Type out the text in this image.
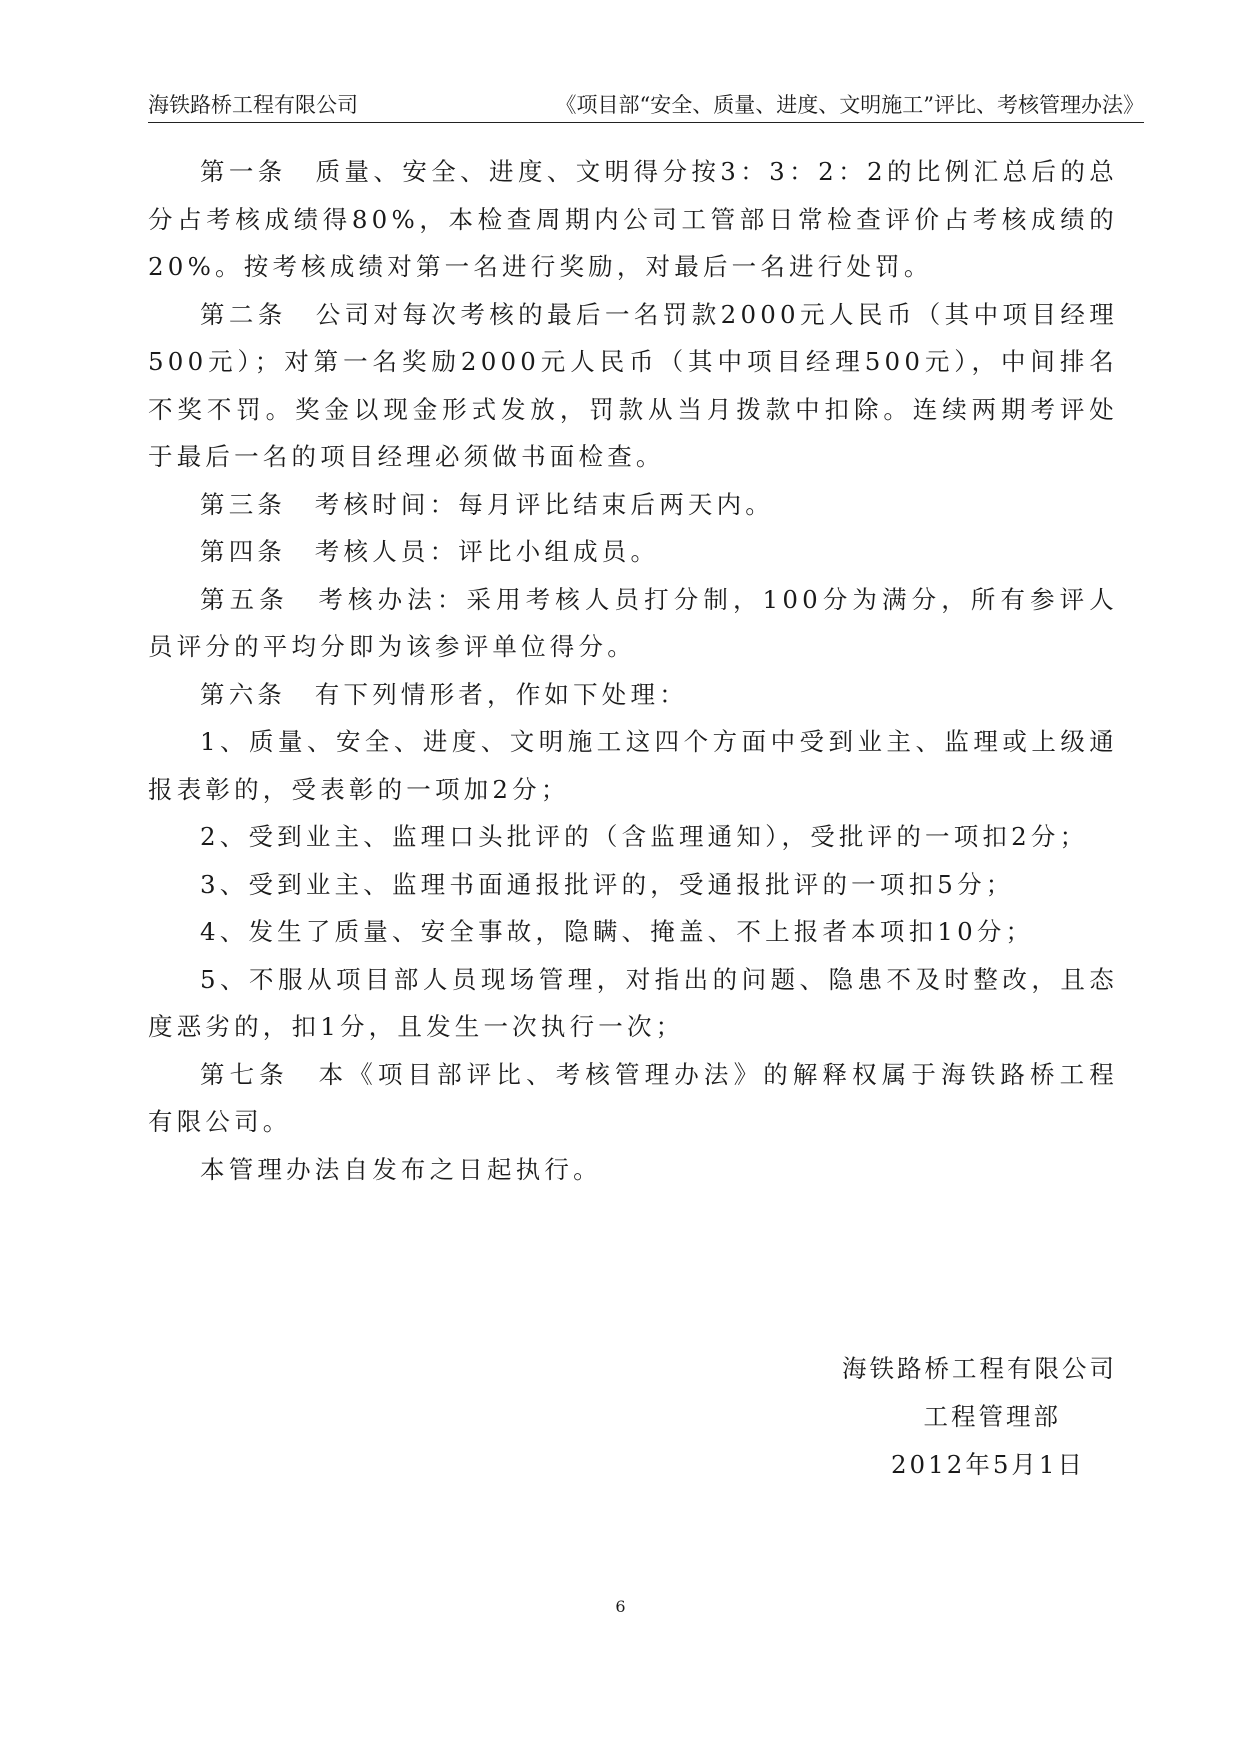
海铁路桥工程有限公司	《项目部“安全、质量、进度、文明施工”评比、考核管理办法》

第一条　质量、安全、进度、文明得分按3：3：2：2的比例汇总后的总分占考核成绩得80%，本检查周期内公司工管部日常检查评价占考核成绩的20%。按考核成绩对第一名进行奖励，对最后一名进行处罚。

第二条　公司对每次考核的最后一名罚款2000元人民币（其中项目经理500元）；对第一名奖励2000元人民币（其中项目经理500元），中间排名不奖不罚。奖金以现金形式发放，罚款从当月拨款中扣除。连续两期考评处于最后一名的项目经理必须做书面检查。

第三条　考核时间：每月评比结束后两天内。

第四条　考核人员：评比小组成员。

第五条　考核办法：采用考核人员打分制，100分为满分，所有参评人员评分的平均分即为该参评单位得分。

第六条　有下列情形者，作如下处理：

1、质量、安全、进度、文明施工这四个方面中受到业主、监理或上级通报表彰的，受表彰的一项加2分；

2、受到业主、监理口头批评的（含监理通知），受批评的一项扣2分；

3、受到业主、监理书面通报批评的，受通报批评的一项扣5分；

4、发生了质量、安全事故，隐瞒、掩盖、不上报者本项扣10分；

5、不服从项目部人员现场管理，对指出的问题、隐患不及时整改，且态度恶劣的，扣1分，且发生一次执行一次；

第七条　本《项目部评比、考核管理办法》的解释权属于海铁路桥工程有限公司。

本管理办法自发布之日起执行。

海铁路桥工程有限公司
工程管理部
2012年5月1日
6
